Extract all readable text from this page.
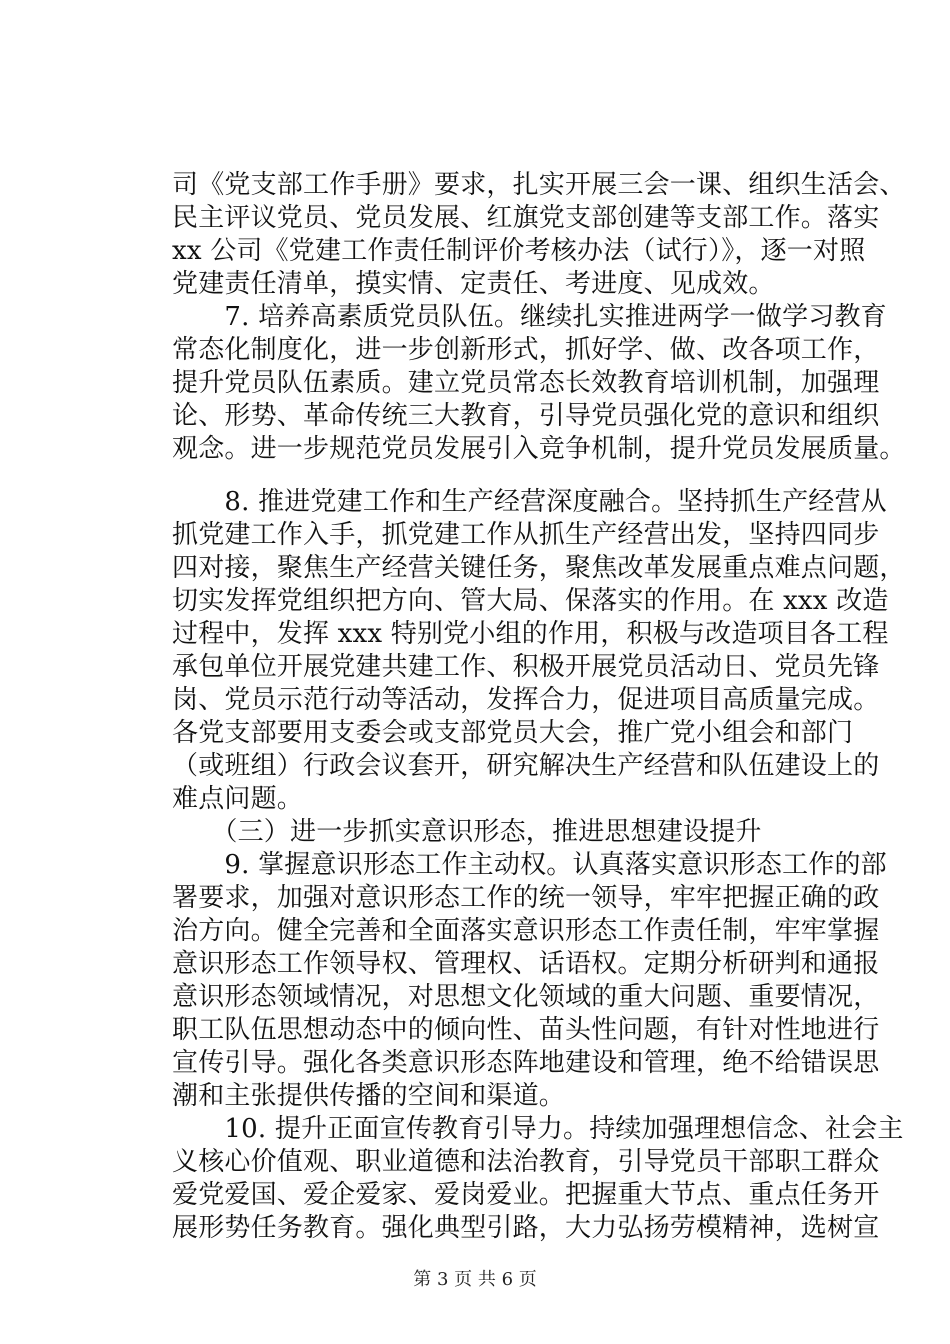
司《党支部工作手册》要求，扎实开展三会一课、组织生活会、
民主评议党员、党员发展、红旗党支部创建等支部工作。落实
xx 公司《党建工作责任制评价考核办法（试行）》，逐一对照
党建责任清单，摸实情、定责任、考进度、见成效。
　　7. 培养高素质党员队伍。继续扎实推进两学一做学习教育
常态化制度化，进一步创新形式，抓好学、做、改各项工作，
提升党员队伍素质。建立党员常态长效教育培训机制，加强理
论、形势、革命传统三大教育，引导党员强化党的意识和组织
观念。进一步规范党员发展引入竞争机制，提升党员发展质量。
　　8. 推进党建工作和生产经营深度融合。坚持抓生产经营从
抓党建工作入手，抓党建工作从抓生产经营出发，坚持四同步
四对接，聚焦生产经营关键任务，聚焦改革发展重点难点问题，
切实发挥党组织把方向、管大局、保落实的作用。在 xxx 改造
过程中，发挥 xxx 特别党小组的作用，积极与改造项目各工程
承包单位开展党建共建工作、积极开展党员活动日、党员先锋
岗、党员示范行动等活动，发挥合力，促进项目高质量完成。
各党支部要用支委会或支部党员大会，推广党小组会和部门
（或班组）行政会议套开，研究解决生产经营和队伍建设上的
难点问题。
　　（三）进一步抓实意识形态，推进思想建设提升
　　9. 掌握意识形态工作主动权。认真落实意识形态工作的部
署要求，加强对意识形态工作的统一领导，牢牢把握正确的政
治方向。健全完善和全面落实意识形态工作责任制，牢牢掌握
意识形态工作领导权、管理权、话语权。定期分析研判和通报
意识形态领域情况，对思想文化领域的重大问题、重要情况，
职工队伍思想动态中的倾向性、苗头性问题，有针对性地进行
宣传引导。强化各类意识形态阵地建设和管理，绝不给错误思
潮和主张提供传播的空间和渠道。
　　10. 提升正面宣传教育引导力。持续加强理想信念、社会主
义核心价值观、职业道德和法治教育，引导党员干部职工群众
爱党爱国、爱企爱家、爱岗爱业。把握重大节点、重点任务开
展形势任务教育。强化典型引路，大力弘扬劳模精神，选树宣
第 3 页 共 6 页
